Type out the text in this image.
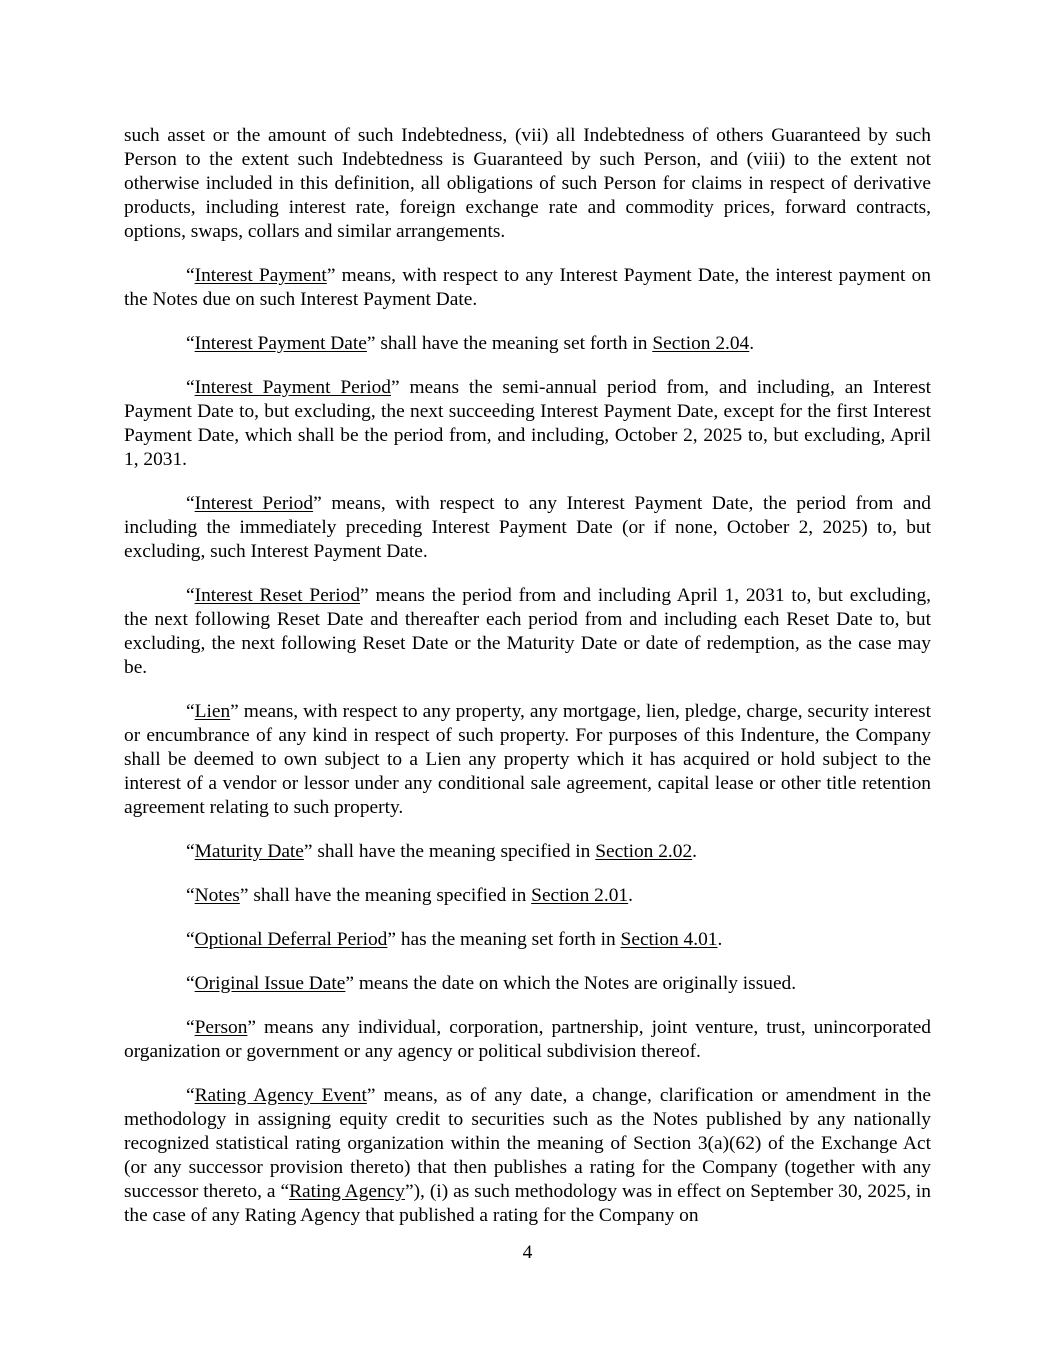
such asset or the amount of such Indebtedness, (vii) all Indebtedness of others Guaranteed by such Person to the extent such Indebtedness is Guaranteed by such Person, and (viii) to the extent not otherwise included in this definition, all obligations of such Person for claims in respect of derivative products, including interest rate, foreign exchange rate and commodity prices, forward contracts, options, swaps, collars and similar arrangements.

“Interest Payment” means, with respect to any Interest Payment Date, the interest payment on the Notes due on such Interest Payment Date.

“Interest Payment Date” shall have the meaning set forth in Section 2.04.

“Interest Payment Period” means the semi-annual period from, and including, an Interest Payment Date to, but excluding, the next succeeding Interest Payment Date, except for the first Interest Payment Date, which shall be the period from, and including, October 2, 2025 to, but excluding, April 1, 2031.

“Interest Period” means, with respect to any Interest Payment Date, the period from and including the immediately preceding Interest Payment Date (or if none, October 2, 2025) to, but excluding, such Interest Payment Date.

“Interest Reset Period” means the period from and including April 1, 2031 to, but excluding, the next following Reset Date and thereafter each period from and including each Reset Date to, but excluding, the next following Reset Date or the Maturity Date or date of redemption, as the case may be.

“Lien” means, with respect to any property, any mortgage, lien, pledge, charge, security interest or encumbrance of any kind in respect of such property. For purposes of this Indenture, the Company shall be deemed to own subject to a Lien any property which it has acquired or hold subject to the interest of a vendor or lessor under any conditional sale agreement, capital lease or other title retention agreement relating to such property.

“Maturity Date” shall have the meaning specified in Section 2.02.

“Notes” shall have the meaning specified in Section 2.01.

“Optional Deferral Period” has the meaning set forth in Section 4.01.

“Original Issue Date” means the date on which the Notes are originally issued.

“Person” means any individual, corporation, partnership, joint venture, trust, unincorporated organization or government or any agency or political subdivision thereof.

“Rating Agency Event” means, as of any date, a change, clarification or amendment in the methodology in assigning equity credit to securities such as the Notes published by any nationally recognized statistical rating organization within the meaning of Section 3(a)(62) of the Exchange Act (or any successor provision thereto) that then publishes a rating for the Company (together with any successor thereto, a “Rating Agency”), (i) as such methodology was in effect on September 30, 2025, in the case of any Rating Agency that published a rating for the Company on

4
